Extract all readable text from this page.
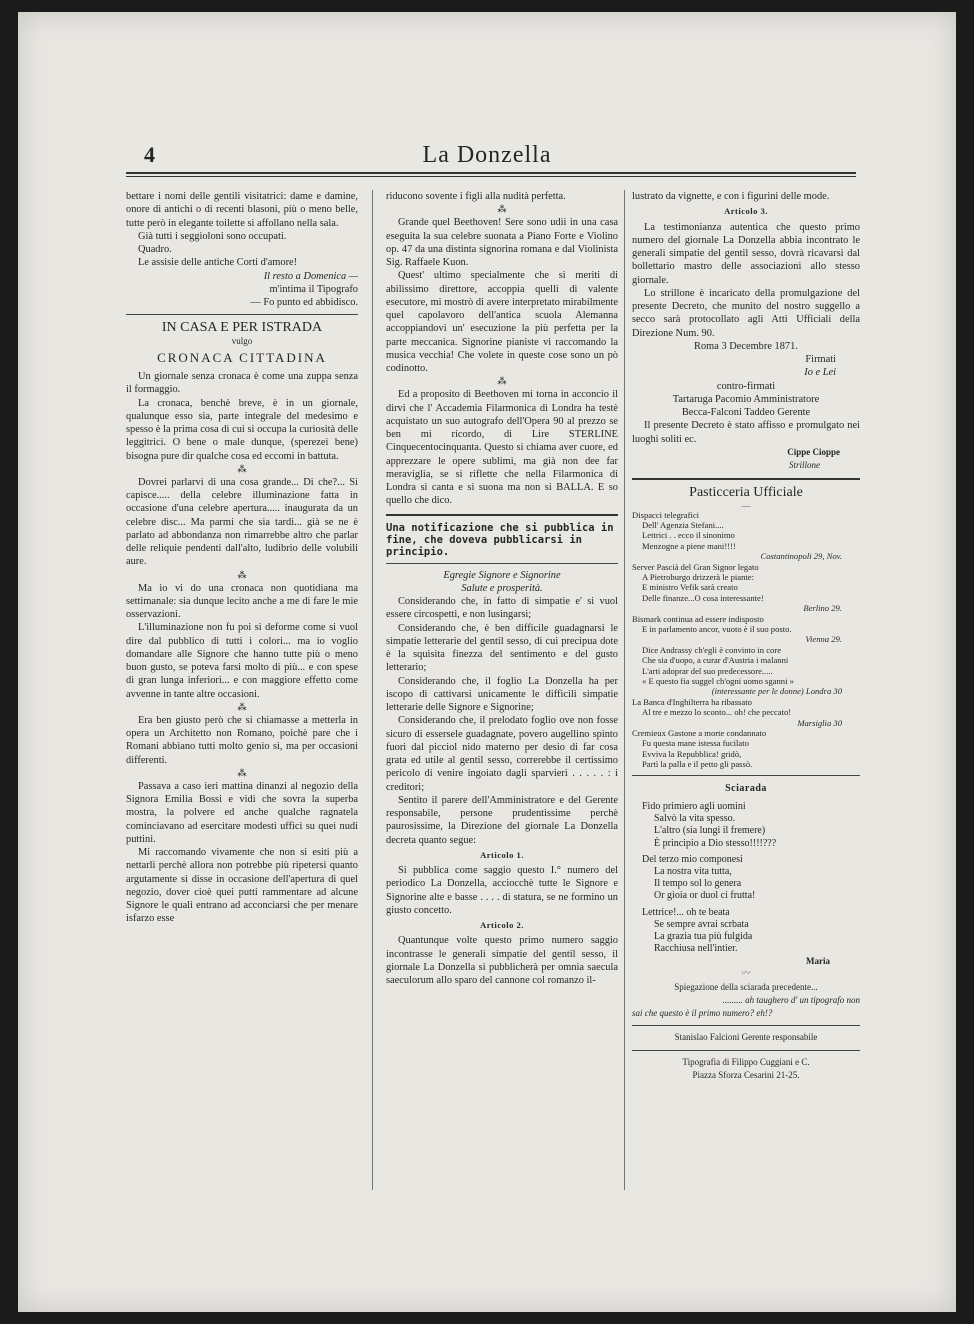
4	La Donzella

bettare i nomi delle gentili visitatrici: dame e damine, onore di antichi o di recenti blasoni, più o meno belle, tutte però in elegante toilette si affollano nella sala.

Già tutti i seggioloni sono occupati.

Quadro.

Le assisie delle antiche Corti d'amore!

Il resto a Domenica —

m'intima il Tipografo

— Fo punto ed abbidisco.

IN CASA E PER ISTRADA

vulgo

CRONACA CITTADINA

Un giornale senza cronaca è come una zuppa senza il formaggio.

La cronaca, benchè breve, è in un giornale, qualunque esso sia, parte integrale del medesimo e spesso è la prima cosa di cui si occupa la curiosità delle leggitrici. O bene o male dunque, (sperezei bene) bisogna pure dir qualche cosa ed eccomi in battuta.

⁂

Dovrei parlarvi di una cosa grande... Di che?... Si capisce..... della celebre illuminazione fatta in occasione d'una celebre apertura..... inaugurata da un celebre disc... Ma parmi che sia tardi... già se ne è parlato ad abbondanza non rimarrebbe altro che parlar delle reliquie pendenti dall'alto, ludibrio delle volubili aure.

⁂

Ma io vi do una cronaca non quotidiana ma settimanale: sia dunque lecito anche a me di fare le mie osservazioni.

L'illuminazione non fu poi sì deforme come si vuol dire dal pubblico di tutti i colori... ma io voglio domandare alle Signore che hanno tutte più o meno buon gusto, se poteva farsi molto di più... e con spese di gran lunga inferiori... e con maggiore effetto come avvenne in tante altre occasioni.

⁂

Era ben giusto però che si chiamasse a metterla in opera un Architetto non Romano, poichè pare che i Romani abbiano tutti molto genio sì, ma per occasioni differenti.

⁂

Passava a caso ieri mattina dinanzi al negozio della Signora Emilia Bossi e vidi che sovra la superba mostra, la polvere ed anche qualche ragnatela cominciavano ad esercitare modesti uffici su quei nudi puttini.

Mi raccomando vivamente che non si esiti più a nettarli perchè allora non potrebbe più ripetersi quanto argutamente si disse in occasione dell'apertura di quel negozio, dover cioè quei putti rammentare ad alcune Signore le quali entrano ad acconciarsi che per menare isfarzo esse

riducono sovente i figli alla nudità perfetta.

⁂

Grande quel Beethoven! Sere sono udii in una casa eseguita la sua celebre suonata a Piano Forte e Violino op. 47 da una distinta signorina romana e dal Violinista Sig. Raffaele Kuon.

Quest' ultimo specialmente che si meriti di abilissimo direttore, accoppia quelli di valente esecutore, mi mostrò di avere interpretato mirabilmente quel capolavoro dell'antica scuola Alemanna accoppiandovi un' esecuzione la più perfetta per la parte meccanica. Signorine pianiste vi raccomando la musica vecchia! Che volete in queste cose sono un pò codinotto.

⁂

Ed a proposito di Beethoven mi torna in acconcio il dirvi che l' Accademia Filarmonica di Londra ha testè acquistato un suo autografo dell'Opera 90 al prezzo se ben mi ricordo, di Lire STERLINE Cinquecentocinquanta. Questo si chiama aver cuore, ed apprezzare le opere sublimi, ma già non dee far meraviglia, se si riflette che nella Filarmonica di Londra si canta e si suona ma non si BALLA. E so quello che dico.

Una notificazione che si pubblica in fine, che doveva pubblicarsi in principio.

Egregie Signore e Signorine

Salute e prosperità.

Considerando che, in fatto di simpatie e' si vuol essere circospetti, e non lusingarsi;

Considerando che, è ben difficile guadagnarsi le simpatie letterarie del gentil sesso, di cui precipua dote è la squisita finezza del sentimento e del gusto letterario;

Considerando che, il foglio La Donzella ha per iscopo di cattivarsi unicamente le difficili simpatie letterarie delle Signore e Signorine;

Considerando che, il prelodato foglio ove non fosse sicuro di essersele guadagnate, povero augellino spinto fuori dal picciol nido materno per desio di far cosa grata ed utile al gentil sesso, correrebbe il certissimo pericolo di venire ingoiato dagli sparvieri . . . . . : i creditori;

Sentito il parere dell'Amministratore e del Gerente responsabile, persone prudentissime perchè paurosissime, la Direzione del giornale La Donzella decreta quanto segue:

Articolo 1.

Si pubblica come saggio questo I.° numero del periodico La Donzella, acciocchè tutte le Signore e Signorine alte e basse . . . . di statura, se ne formino un giusto concetto.

Articolo 2.

Quantunque volte questo primo numero saggio incontrasse le generali simpatie del gentil sesso, il giornale La Donzella si pubblicherà per omnia saecula saeculorum allo sparo del cannone col romanzo il-

lustrato da vignette, e con i figurini delle mode.

Articolo 3.

La testimonianza autentica che questo primo numero del giornale La Donzella abbia incontrato le generali simpatie del gentil sesso, dovrà ricavarsi dal bollettario mastro delle associazioni allo stesso giornale.

Lo strillone è incaricato della promulgazione del presente Decreto, che munito del nostro suggello a secco sarà protocollato agli Atti Ufficiali della Direzione Num. 90.

Roma 3 Decembre 1871.

Firmati

Io e Lei

contro-firmati

Tartaruga Pacomio Amministratore

Becca-Falconi Taddeo Gerente

Il presente Decreto è stato affisso e promulgato nei luoghi soliti ec.

Cippe Cioppe

Strillone

Pasticceria Ufficiale

—

Dispacci telegrafici

Dell' Agenzia Stefani....

Lettrici . . ecco il sinonimo

Menzogne a piene mani!!!!

Costantinopoli 29, Nov.

Server Pascià del Gran Signor legato

A Pietroburgo drizzerà le piante:

E ministro Vefik sarà creato

Delle finanze...O cosa interessante!

Berlino 29.

Bismark continua ad essere indisposto

E in parlamento ancor, vuoto è il suo posto.

Vienna 29.

Dice Andrassy ch'egli è convinto in core

Che sia d'uopo, a curar d'Austria i malanni

L'arti adoprar del suo predecessore.....

« E questo fia suggel ch'ogni uomo sganni »

(interessante per le donne) Londra 30

La Banca d'Inghilterra ha ribassato

Al tre e mezzo lo sconto... oh! che peccato!

Marsiglia 30

Cremieux Gastone a morte condannato

Fu questa mane istessa fucilato

Evviva la Repubblica! gridò,

Partì la palla e il petto gli passò.

Sciarada

Fido primiero agli uomini

Salvò la vita spesso.

L'altro (sia lungi il fremere)

È principio a Dio stesso!!!!???

Del terzo mio componesi

La nostra vita tutta,

Il tempo sol lo genera

Or gioia or duol ci frutta!

Lettrice!... oh te beata

Se sempre avrai scrbata

La grazia tua più fulgida

Racchiusa nell'intier.

Maria

〰

Spiegazione della sciarada precedente...

......... ah taughero d' un tipografo non

sai che questo è il primo numero? eh!?

Stanislao Falcioni Gerente responsabile

Tipografia di Filippo Cuggiani e C.

Piazza Sforza Cesarini 21-25.
